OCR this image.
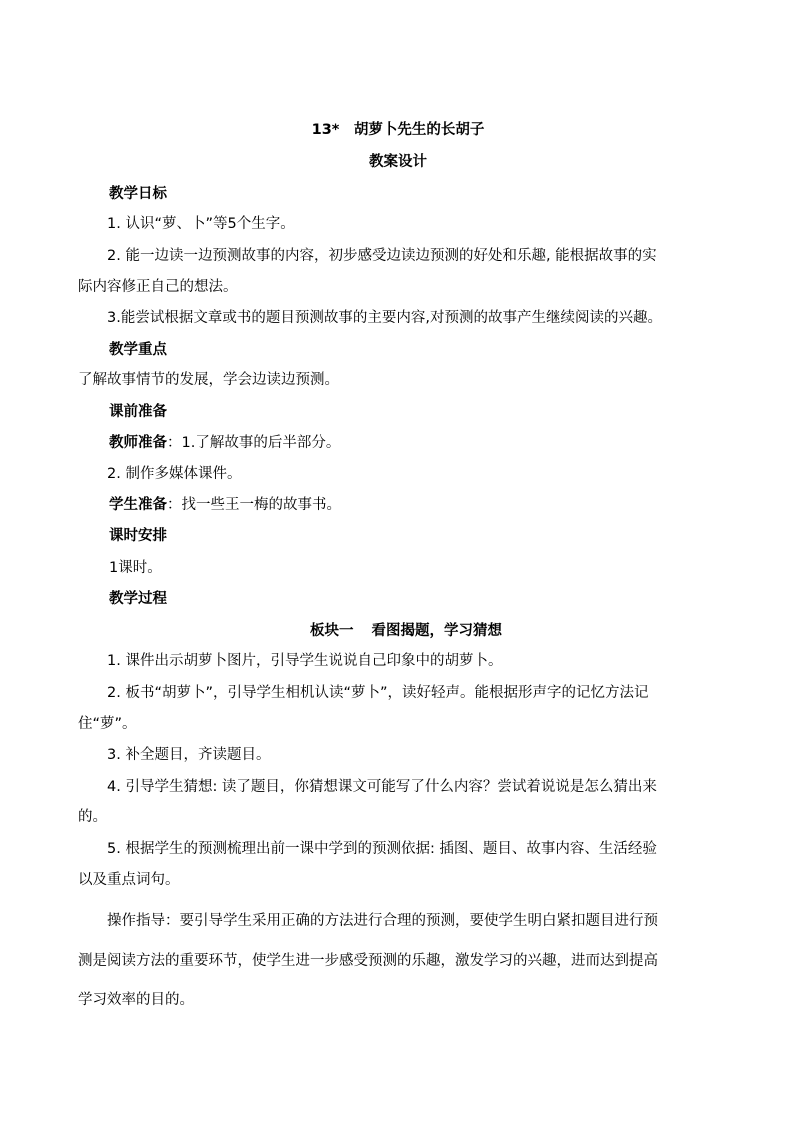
13*　胡萝卜先生的长胡子
教案设计
教学日标
1. 认识“萝、卜”等5个生字。
2. 能一边读一边预测故事的内容，初步感受边读边预测的好处和乐趣, 能根据故事的实
际内容修正自己的想法。
3.能尝试根据文章或书的题目预测故事的主要内容,对预测的故事产生继续阅读的兴趣。
教学重点
了解故事情节的发展，学会边读边预测。
课前准备
教师准备：1.了解故事的后半部分。
2. 制作多媒体课件。
学生准备：找一些王一梅的故事书。
课时安排
1课时。
教学过程
板块一 看图揭题，学习猜想
1. 课件出示胡萝卜图片，引导学生说说自己印象中的胡萝卜。
2. 板书“胡萝卜”，引导学生相机认读“萝卜”，读好轻声。能根据形声字的记忆方法记
住“萝”。
3. 补全题目，齐读题目。
4. 引导学生猜想: 读了题目，你猜想课文可能写了什么内容？尝试着说说是怎么猜出来
的。
5. 根据学生的预测梳理出前一课中学到的预测依据: 插图、题目、故事内容、生活经验
以及重点词句。
操作指导：要引导学生采用正确的方法进行合理的预测，要使学生明白紧扣题目进行预
测是阅读方法的重要环节，使学生进一步感受预测的乐趣，激发学习的兴趣，进而达到提高
学习效率的目的。
